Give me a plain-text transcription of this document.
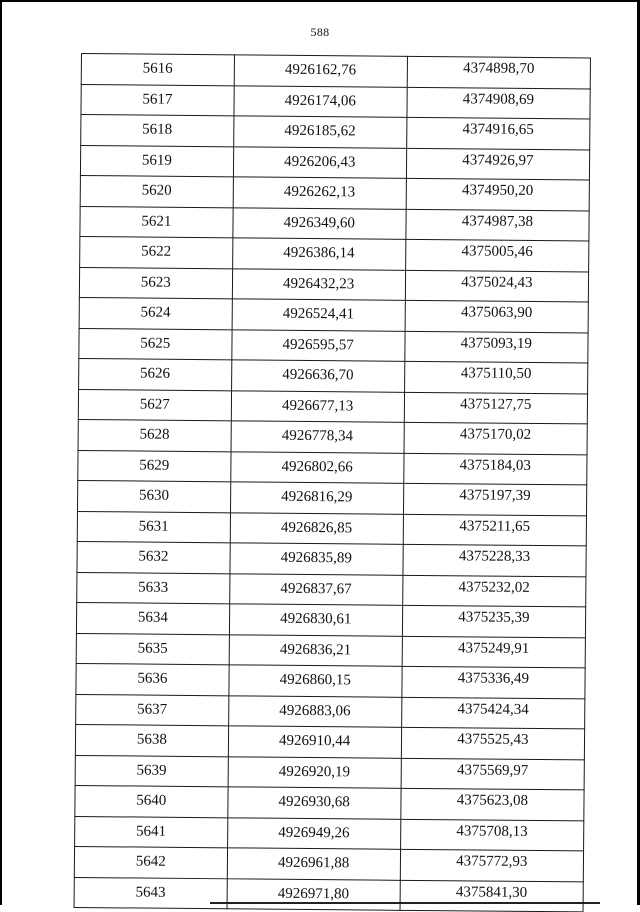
588
5616	4926162,76	4374898,70
5617	4926174,06	4374908,69
5618	4926185,62	4374916,65
5619	4926206,43	4374926,97
5620	4926262,13	4374950,20
5621	4926349,60	4374987,38
5622	4926386,14	4375005,46
5623	4926432,23	4375024,43
5624	4926524,41	4375063,90
5625	4926595,57	4375093,19
5626	4926636,70	4375110,50
5627	4926677,13	4375127,75
5628	4926778,34	4375170,02
5629	4926802,66	4375184,03
5630	4926816,29	4375197,39
5631	4926826,85	4375211,65
5632	4926835,89	4375228,33
5633	4926837,67	4375232,02
5634	4926830,61	4375235,39
5635	4926836,21	4375249,91
5636	4926860,15	4375336,49
5637	4926883,06	4375424,34
5638	4926910,44	4375525,43
5639	4926920,19	4375569,97
5640	4926930,68	4375623,08
5641	4926949,26	4375708,13
5642	4926961,88	4375772,93
5643	4926971,80	4375841,30
